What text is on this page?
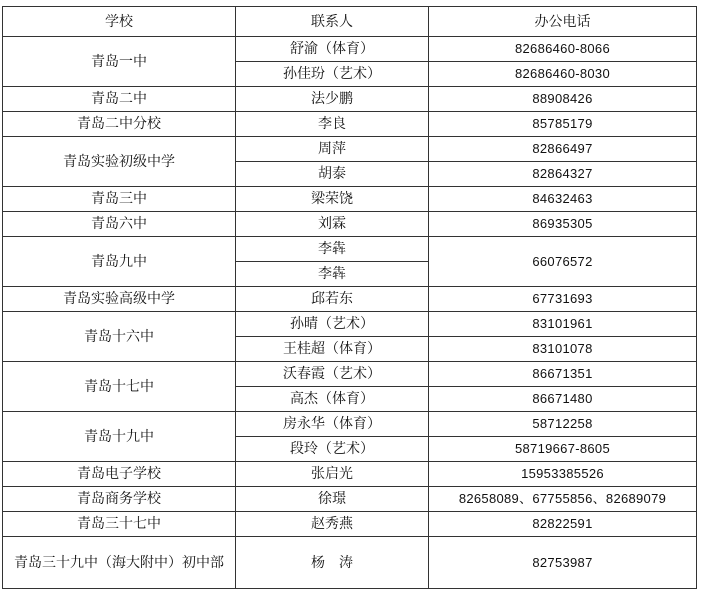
学校	联系人	办公电话
青岛一中	舒渝（体育）	82686460-8066
	孙佳玢（艺术）	82686460-8030
青岛二中	法少鹏	88908426
青岛二中分校	李良	85785179
青岛实验初级中学	周萍	82866497
	胡泰	82864327
青岛三中	梁荣饶	84632463
青岛六中	刘霖	86935305
青岛九中	李犇	66076572
	李犇	
青岛实验高级中学	邱若东	67731693
青岛十六中	孙晴（艺术）	83101961
	王桂超（体育）	83101078
青岛十七中	沃春霞（艺术）	86671351
	高杰（体育）	86671480
青岛十九中	房永华（体育）	58712258
	段玲（艺术）	58719667-8605
青岛电子学校	张启光	15953385526
青岛商务学校	徐璟	82658089、67755856、82689079
青岛三十七中	赵秀燕	82822591
青岛三十九中（海大附中）初中部	杨　涛	82753987
